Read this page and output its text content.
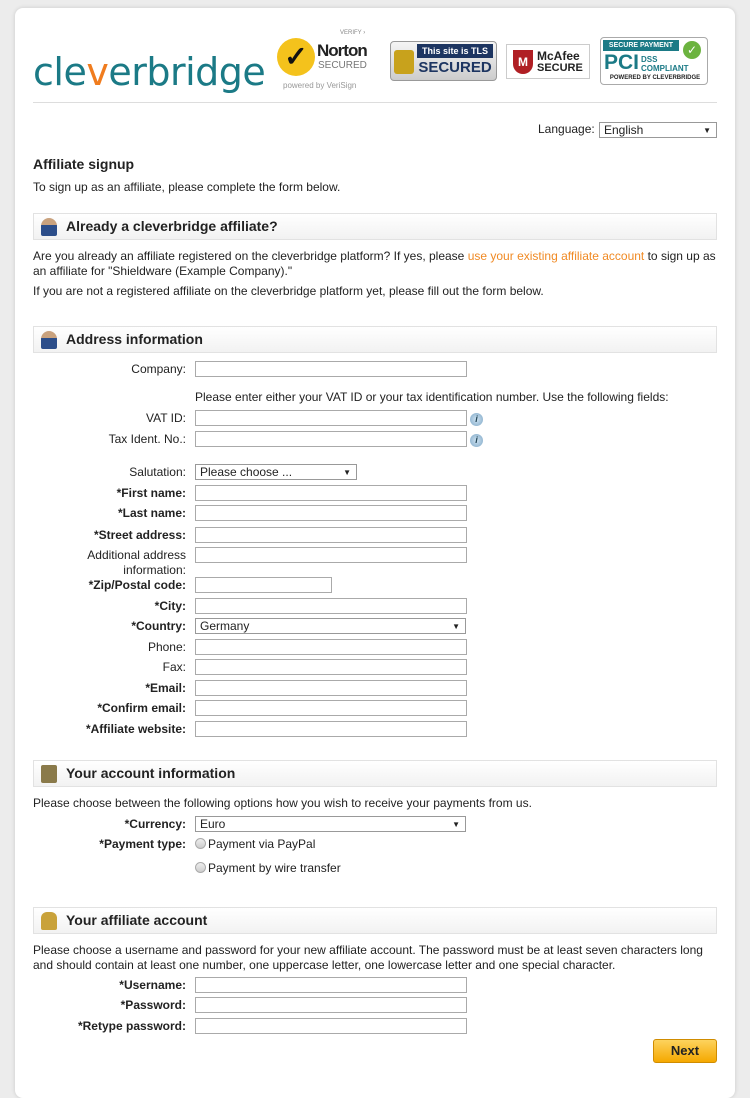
cleverbridge
VERIFY ›
✓ Norton
SECURED
powered by VeriSign
This site is TLS
SECURED	M McAfee
SECURE
SECURE PAYMENT	✓
PCI DSS
COMPLIANT
POWERED BY CLEVERBRIDGE
Language: English ▼
Affiliate signup
To sign up as an affiliate, please complete the form below.
Already a cleverbridge affiliate?
Are you already an affiliate registered on the cleverbridge platform? If yes, please use your existing affiliate account to sign up as an affiliate for "Shieldware (Example Company)."
If you are not a registered affiliate on the cleverbridge platform yet, please fill out the form below.
Address information
Company:
Please enter either your VAT ID or your tax identification number. Use the following fields:
VAT ID:	i
Tax Ident. No.:	i
Salutation:	Please choose ... ▼
*First name:
*Last name:
*Street address:
Additional address information:
*Zip/Postal code:
*City:
*Country:	Germany ▼
Phone:
Fax:
*Email:
*Confirm email:
*Affiliate website:
Your account information
Please choose between the following options how you wish to receive your payments from us.
*Currency:	Euro ▼
*Payment type: Payment via PayPal
Payment by wire transfer
Your affiliate account
Please choose a username and password for your new affiliate account. The password must be at least seven characters long and should contain at least one number, one uppercase letter, one lowercase letter and one special character.
*Username:
*Password:
*Retype password:
Next
